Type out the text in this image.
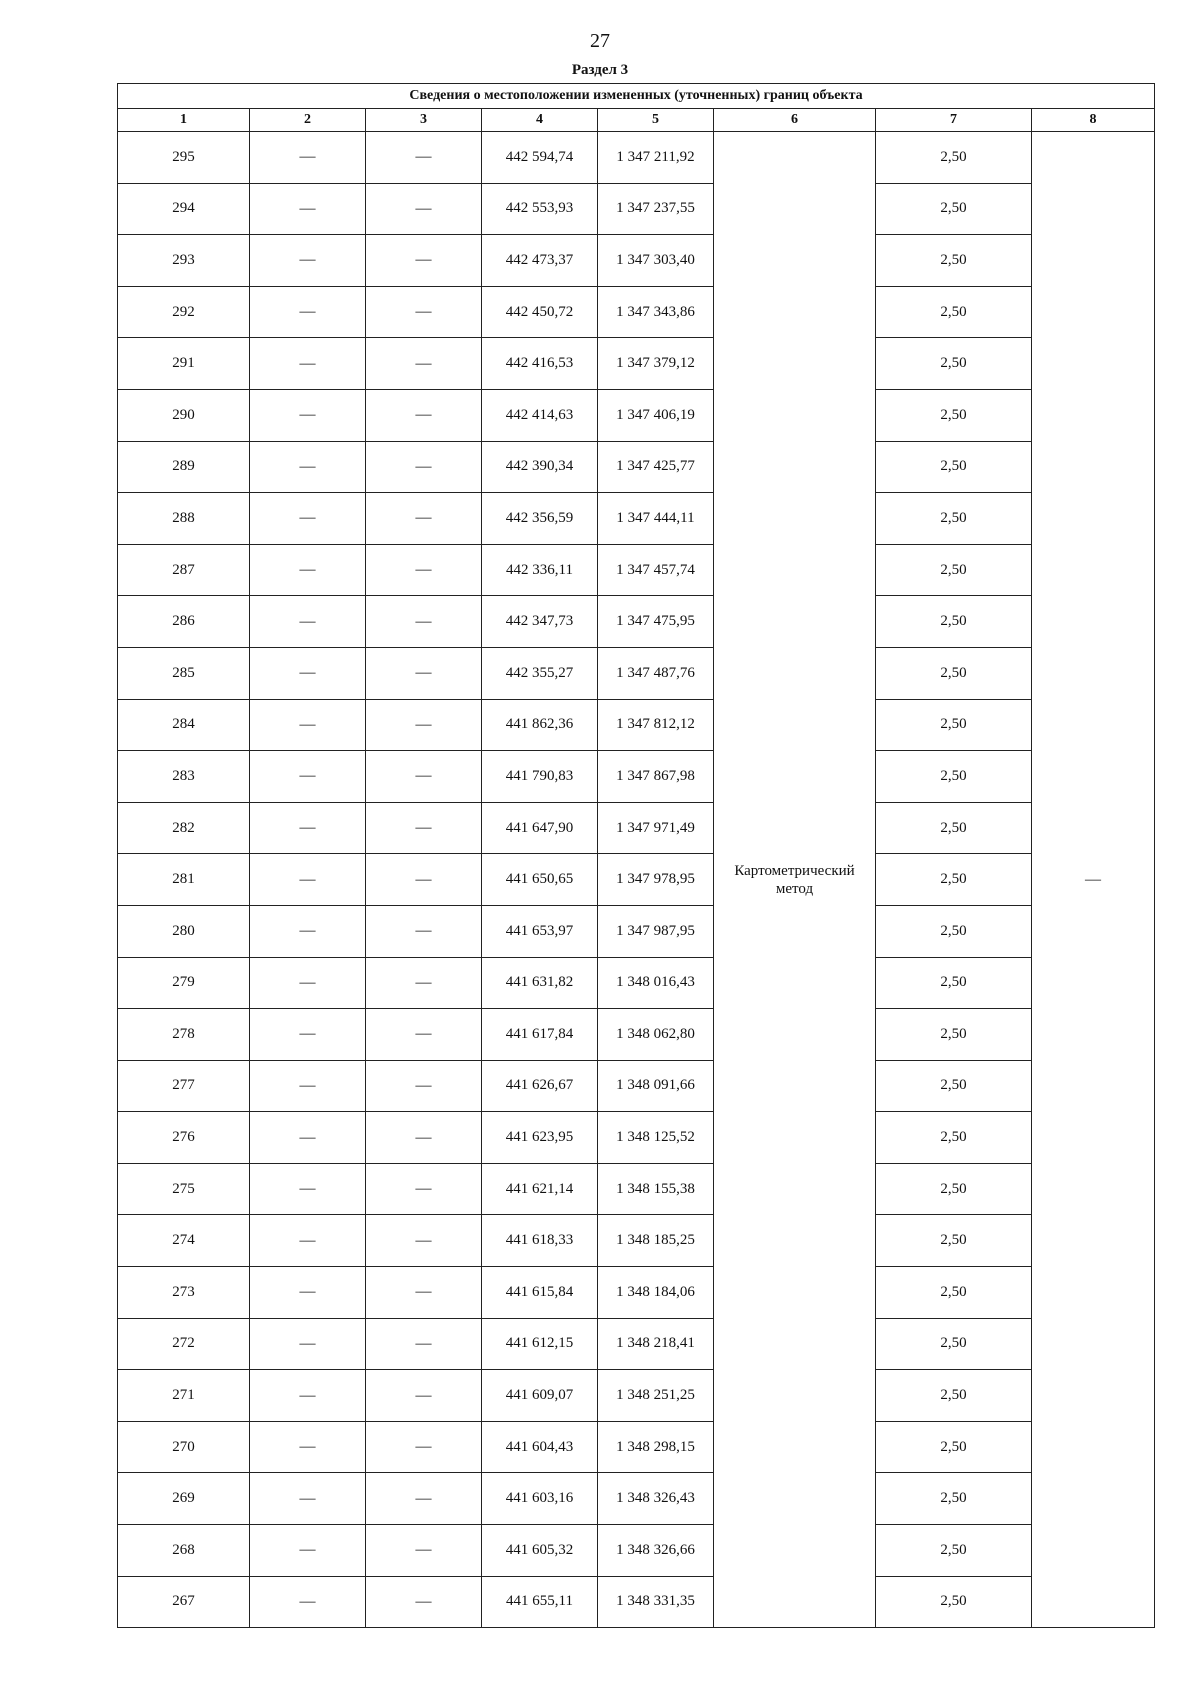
27
Раздел 3
Сведения о местоположении измененных (уточненных) границ объекта							
1	2	3	4	5	6	7	8
295	—	—	442 594,74	1 347 211,92	Картометрический метод	2,50	—
294	—	—	442 553,93	1 347 237,55		2,50	
293	—	—	442 473,37	1 347 303,40		2,50	
292	—	—	442 450,72	1 347 343,86		2,50	
291	—	—	442 416,53	1 347 379,12		2,50	
290	—	—	442 414,63	1 347 406,19		2,50	
289	—	—	442 390,34	1 347 425,77		2,50	
288	—	—	442 356,59	1 347 444,11		2,50	
287	—	—	442 336,11	1 347 457,74		2,50	
286	—	—	442 347,73	1 347 475,95		2,50	
285	—	—	442 355,27	1 347 487,76		2,50	
284	—	—	441 862,36	1 347 812,12		2,50	
283	—	—	441 790,83	1 347 867,98		2,50	
282	—	—	441 647,90	1 347 971,49		2,50	
281	—	—	441 650,65	1 347 978,95		2,50	
280	—	—	441 653,97	1 347 987,95		2,50	
279	—	—	441 631,82	1 348 016,43		2,50	
278	—	—	441 617,84	1 348 062,80		2,50	
277	—	—	441 626,67	1 348 091,66		2,50	
276	—	—	441 623,95	1 348 125,52		2,50	
275	—	—	441 621,14	1 348 155,38		2,50	
274	—	—	441 618,33	1 348 185,25		2,50	
273	—	—	441 615,84	1 348 184,06		2,50	
272	—	—	441 612,15	1 348 218,41		2,50	
271	—	—	441 609,07	1 348 251,25		2,50	
270	—	—	441 604,43	1 348 298,15		2,50	
269	—	—	441 603,16	1 348 326,43		2,50	
268	—	—	441 605,32	1 348 326,66		2,50	
267	—	—	441 655,11	1 348 331,35		2,50	
